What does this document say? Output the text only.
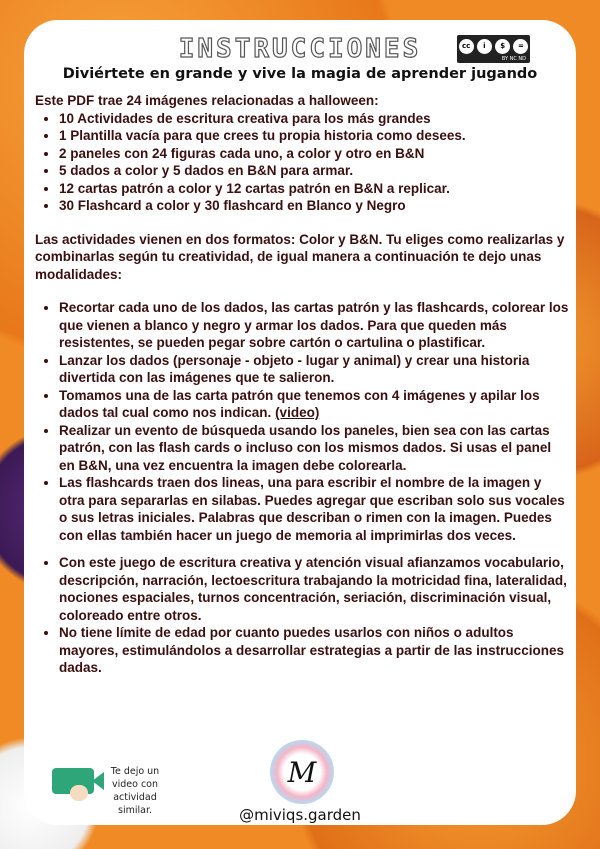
INSTRUCCIONES	cc	i	$	=
BY NC ND
Diviértete en grande y vive la magia de aprender jugando

Este PDF trae 24 imágenes relacionadas a halloween:

• 10 Actividades de escritura creativa para los más grandes
• 1 Plantilla vacía para que crees tu propia historia como desees.
• 2 paneles con 24 figuras cada uno, a color y otro en B&N
• 5 dados a color y 5 dados en B&N para armar.
• 12 cartas patrón a color y 12 cartas patrón en B&N a replicar.
• 30 Flashcard a color y 30 flashcard en Blanco y Negro

Las actividades vienen en dos formatos: Color y B&N. Tu eliges como realizarlas y combinarlas según tu creatividad, de igual manera a continuación te dejo unas modalidades:

• Recortar cada uno de los dados, las cartas patrón y las flashcards, colorear los que vienen a blanco y negro y armar los dados. Para que queden más resistentes, se pueden pegar sobre cartón o cartulina o plastificar.
• Lanzar los dados (personaje - objeto - lugar y animal) y crear una historia divertida con las imágenes que te salieron.
• Tomamos una de las carta patrón que tenemos con 4 imágenes y apilar los dados tal cual como nos indican. (video)
• Realizar un evento de búsqueda usando los paneles, bien sea con las cartas patrón, con las flash cards o incluso con los mismos dados. Si usas el panel en B&N, una vez encuentra la imagen debe colorearla.
• Las flashcards traen dos lineas, una para escribir el nombre de la imagen y otra para separarlas en silabas. Puedes agregar que escriban solo sus vocales o sus letras iniciales. Palabras que describan o rimen con la imagen. Puedes con ellas también hacer un juego de memoria al imprimirlas dos veces.
• Con este juego de escritura creativa y atención visual afianzamos vocabulario, descripción, narración, lectoescritura trabajando la motricidad fina, lateralidad, nociones espaciales, turnos concentración, seriación, discriminación visual, coloreado entre otros.
• No tiene límite de edad por cuanto puedes usarlos con niños o adultos mayores, estimulándolos a desarrollar estrategias a partir de las instrucciones dadas.
Te dejo un video con actividad similar.
M
@miviqs.garden
